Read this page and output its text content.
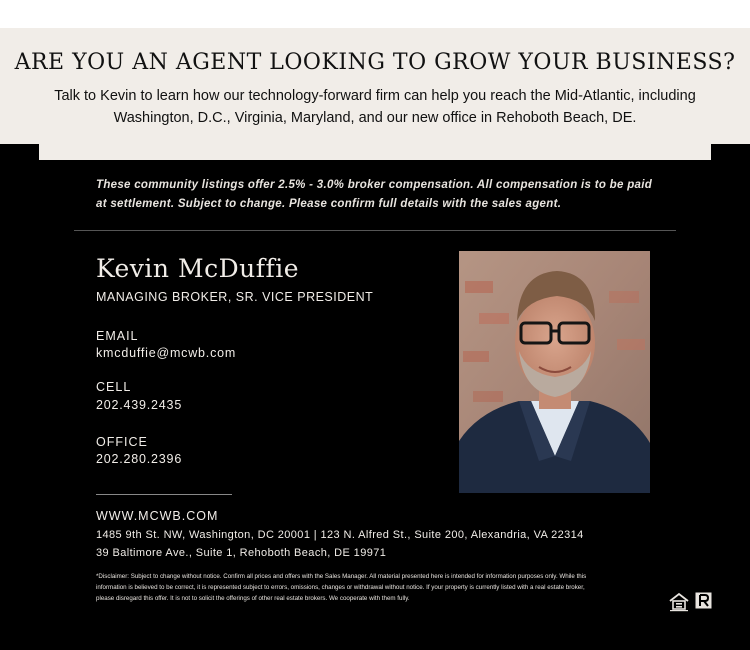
ARE YOU AN AGENT LOOKING TO GROW YOUR BUSINESS?
Talk to Kevin to learn how our technology-forward firm can help you reach the Mid-Atlantic, including Washington, D.C., Virginia, Maryland, and our new office in Rehoboth Beach, DE.
These community listings offer 2.5% - 3.0% broker compensation. All compensation is to be paid at settlement. Subject to change. Please confirm full details with the sales agent.
Kevin McDuffie
MANAGING BROKER, SR. VICE PRESIDENT
EMAIL
kmcduffie@mcwb.com
CELL
202.439.2435
OFFICE
202.280.2396
WWW.MCWB.COM
1485 9th St. NW, Washington, DC 20001 | 123 N. Alfred St., Suite 200, Alexandria, VA 22314
39 Baltimore Ave., Suite 1, Rehoboth Beach, DE 19971
*Disclaimer: Subject to change without notice. Confirm all prices and offers with the Sales Manager. All material presented here is intended for information purposes only. While this information is believed to be correct, it is represented subject to errors, omissions, changes or withdrawal without notice. If your property is currently listed with a real estate broker, please disregard this offer. It is not to solicit the offerings of other real estate brokers. We cooperate with them fully.
